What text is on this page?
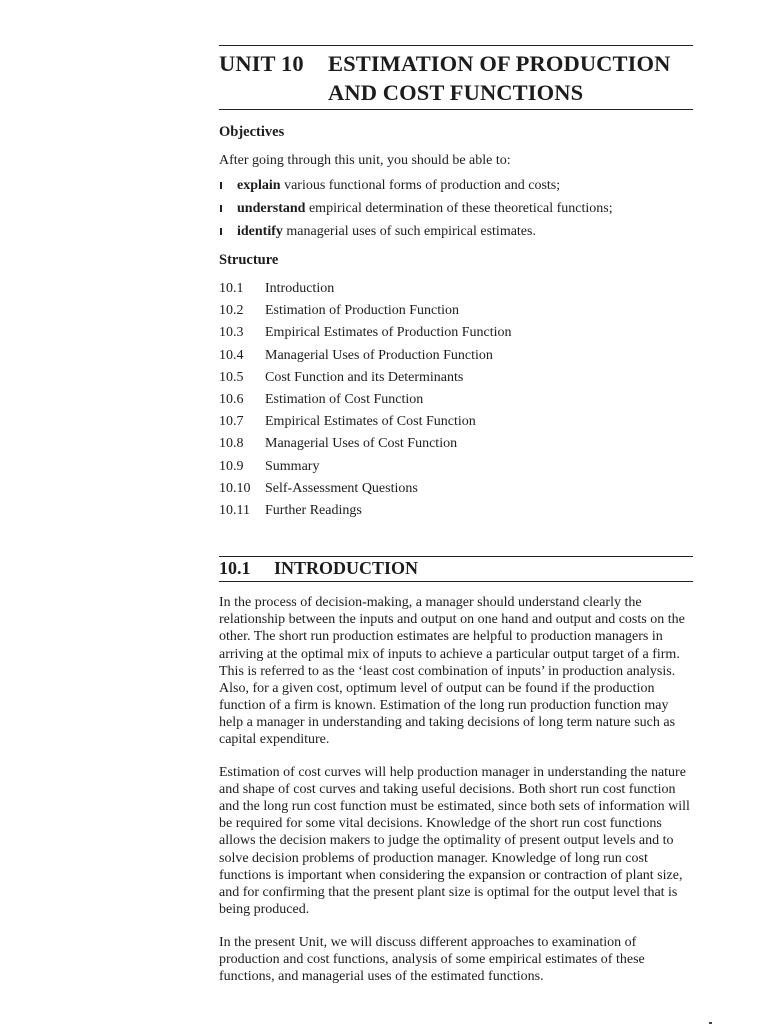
UNIT 10	ESTIMATION OF PRODUCTION AND COST FUNCTIONS
Objectives

After going through this unit, you should be able to:

explain various functional forms of production and costs;
understand empirical determination of these theoretical functions;
identify managerial uses of such empirical estimates.
Structure
10.1	Introduction
10.2	Estimation of Production Function
10.3	Empirical Estimates of Production Function
10.4	Managerial Uses of Production Function
10.5	Cost Function and its Determinants
10.6	Estimation of Cost Function
10.7	Empirical Estimates of Cost Function
10.8	Managerial Uses of Cost Function
10.9	Summary
10.10	Self-Assessment Questions
10.11	Further Readings
10.1	INTRODUCTION

In the process of decision-making, a manager should understand clearly the relationship between the inputs and output on one hand and output and costs on the other. The short run production estimates are helpful to production managers in arriving at the optimal mix of inputs to achieve a particular output target of a firm. This is referred to as the ‘least cost combination of inputs’ in production analysis. Also, for a given cost, optimum level of output can be found if the production function of a firm is known. Estimation of the long run production function may help a manager in understanding and taking decisions of long term nature such as capital expenditure.

Estimation of cost curves will help production manager in understanding the nature and shape of cost curves and taking useful decisions. Both short run cost function and the long run cost function must be estimated, since both sets of information will be required for some vital decisions. Knowledge of the short run cost functions allows the decision makers to judge the optimality of present output levels and to solve decision problems of production manager. Knowledge of long run cost functions is important when considering the expansion or contraction of plant size, and for confirming that the present plant size is optimal for the output level that is being produced.

In the present Unit, we will discuss different approaches to examination of production and cost functions, analysis of some empirical estimates of these functions, and managerial uses of the estimated functions.
